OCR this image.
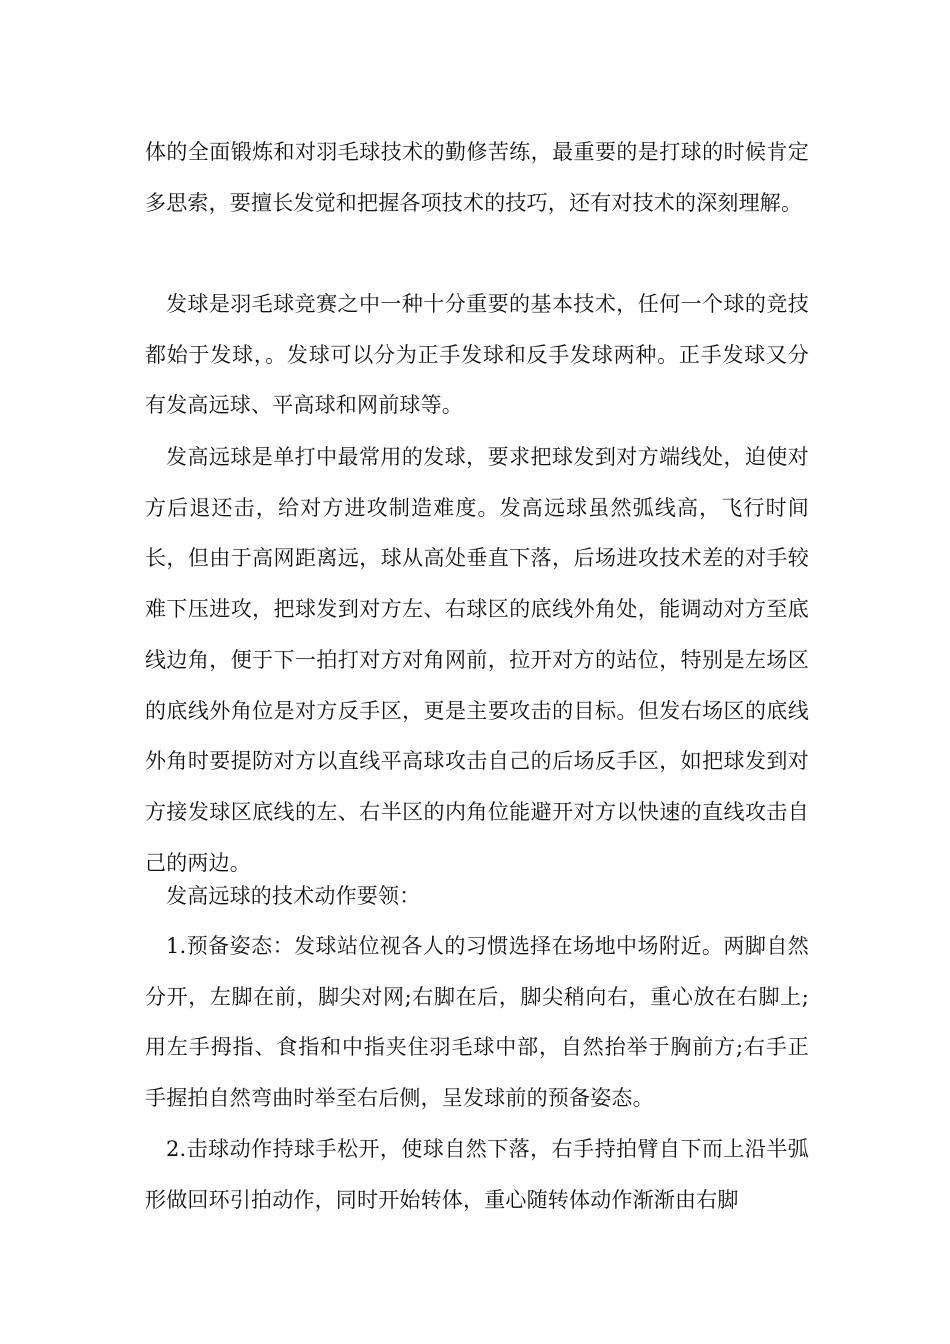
体的全面锻炼和对羽毛球技术的勤修苦练，最重要的是打球的时候肯定多思索，要擅长发觉和把握各项技术的技巧，还有对技术的深刻理解。

发球是羽毛球竞赛之中一种十分重要的基本技术，任何一个球的竞技都始于发球，。发球可以分为正手发球和反手发球两种。正手发球又分有发高远球、平高球和网前球等。

发高远球是单打中最常用的发球，要求把球发到对方端线处，迫使对方后退还击，给对方进攻制造难度。发高远球虽然弧线高，飞行时间长，但由于高网距离远，球从高处垂直下落，后场进攻技术差的对手较难下压进攻，把球发到对方左、右球区的底线外角处，能调动对方至底线边角，便于下一拍打对方对角网前，拉开对方的站位，特别是左场区的底线外角位是对方反手区，更是主要攻击的目标。但发右场区的底线外角时要提防对方以直线平高球攻击自己的后场反手区，如把球发到对方接发球区底线的左、右半区的内角位能避开对方以快速的直线攻击自己的两边。

发高远球的技术动作要领：

1.预备姿态：发球站位视各人的习惯选择在场地中场附近。两脚自然分开，左脚在前，脚尖对网;右脚在后，脚尖稍向右，重心放在右脚上;用左手拇指、食指和中指夹住羽毛球中部，自然抬举于胸前方;右手正手握拍自然弯曲时举至右后侧，呈发球前的预备姿态。

2.击球动作持球手松开，使球自然下落，右手持拍臂自下而上沿半弧形做回环引拍动作，同时开始转体，重心随转体动作渐渐由右脚
